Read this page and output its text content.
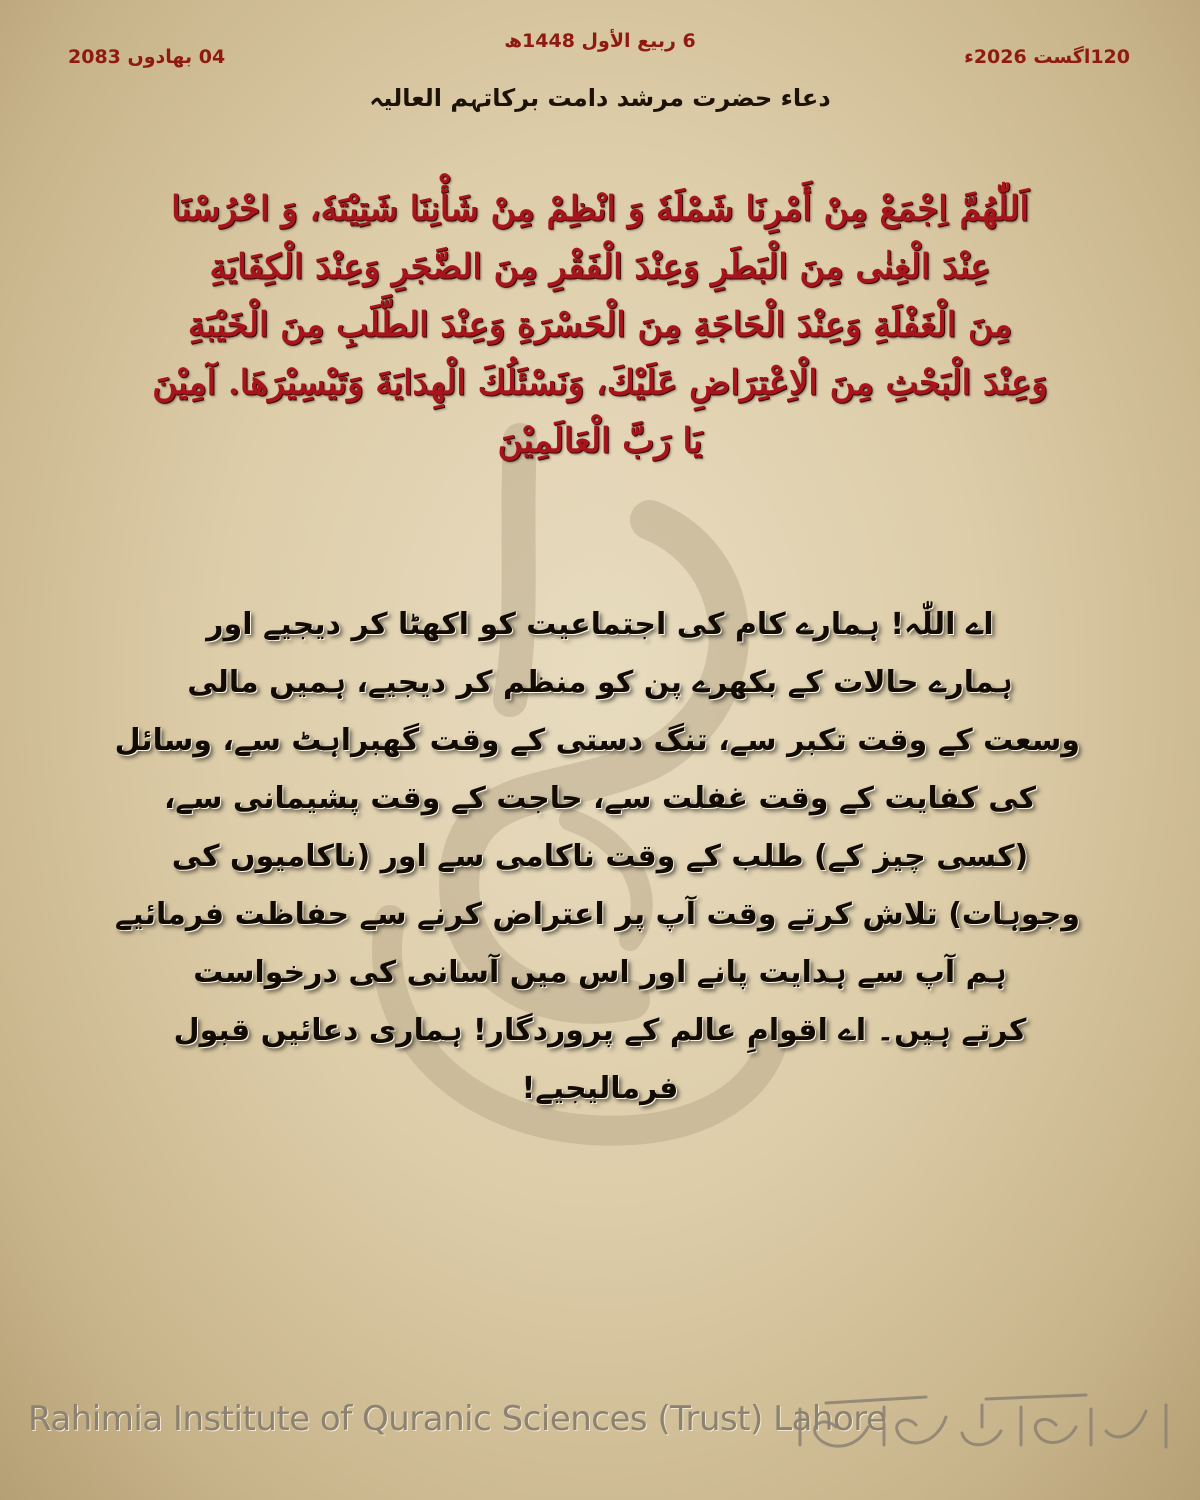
120اگست 2026ء
6 ربیع الأول 1448ھ
04 بھادوں 2083
دعاء حضرت مرشد دامت برکاتہم العالیہ
اَللّٰهُمَّ اِجْمَعْ مِنْ أَمْرِنَا شَمْلَهٗ وَ انْظِمْ مِنْ شَأْنِنَا شَتِيْتَهٗ، وَ احْرُسْنَا
عِنْدَ الْغِنٰى مِنَ الْبَطَرِ وَعِنْدَ الْفَقْرِ مِنَ الضَّجَرِ وَعِنْدَ الْكِفَايَةِ
مِنَ الْغَفْلَةِ وَعِنْدَ الْحَاجَةِ مِنَ الْحَسْرَةِ وَعِنْدَ الطَّلَبِ مِنَ الْخَيْبَةِ
وَعِنْدَ الْبَحْثِ مِنَ الْاِعْتِرَاضِ عَلَيْكَ، وَنَسْئَلُكَ الْهِدَايَةَ وَتَيْسِيْرَهَا. آمِيْنَ
يَا رَبَّ الْعَالَمِيْنَ
اے اللّٰہ! ہمارے کام کی اجتماعیت کو اکھٹا کر دیجیے اور
ہمارے حالات کے بکھرے پن کو منظم کر دیجیے، ہمیں مالی
وسعت کے وقت تکبر سے، تنگ دستی کے وقت گھبراہٹ سے، وسائل
کی کفایت کے وقت غفلت سے، حاجت کے وقت پشیمانی سے،
(کسی چیز کے) طلب کے وقت ناکامی سے اور (ناکامیوں کی
وجوہات) تلاش کرتے وقت آپ پر اعتراض کرنے سے حفاظت فرمائیے
ہم آپ سے ہدایت پانے اور اس میں آسانی کی درخواست
کرتے ہیں۔ اے اقوامِ عالم کے پروردگار! ہماری دعائیں قبول
فرمالیجیے!
Rahimia Institute of Quranic Sciences (Trust) Lahore
